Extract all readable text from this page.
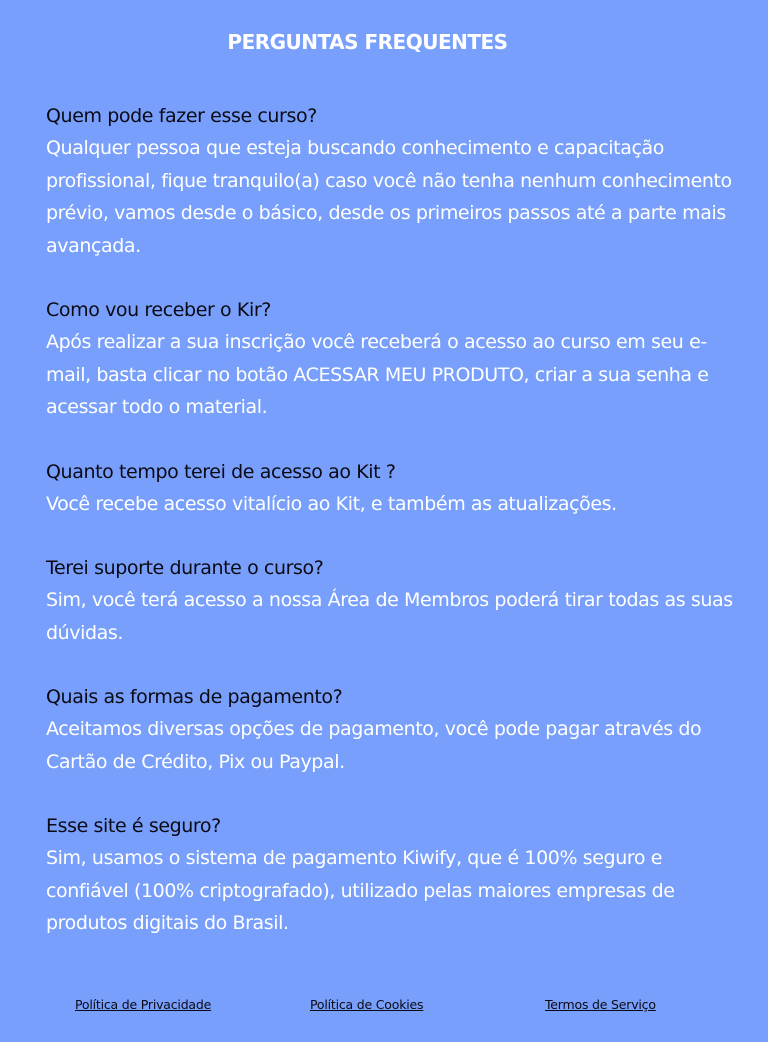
PERGUNTAS FREQUENTES

Quem pode fazer esse curso?

Qualquer pessoa que esteja buscando conhecimento e capacitação profissional, fique tranquilo(a) caso você não tenha nenhum conhecimento prévio, vamos desde o básico, desde os primeiros passos até a parte mais avançada.

Como vou receber o Kir?

Após realizar a sua inscrição você receberá o acesso ao curso em seu e-mail, basta clicar no botão ACESSAR MEU PRODUTO, criar a sua senha e acessar todo o material.

Quanto tempo terei de acesso ao Kit ?

Você recebe acesso vitalício ao Kit, e também as atualizações.

Terei suporte durante o curso?

Sim, você terá acesso a nossa Área de Membros poderá tirar todas as suas dúvidas.

Quais as formas de pagamento?

Aceitamos diversas opções de pagamento, você pode pagar através do Cartão de Crédito, Pix ou Paypal.

Esse site é seguro?

Sim, usamos o sistema de pagamento Kiwify, que é 100% seguro e confiável (100% criptografado), utilizado pelas maiores empresas de produtos digitais do Brasil.

Política de Privacidade	Política de Cookies	Termos de Serviço
